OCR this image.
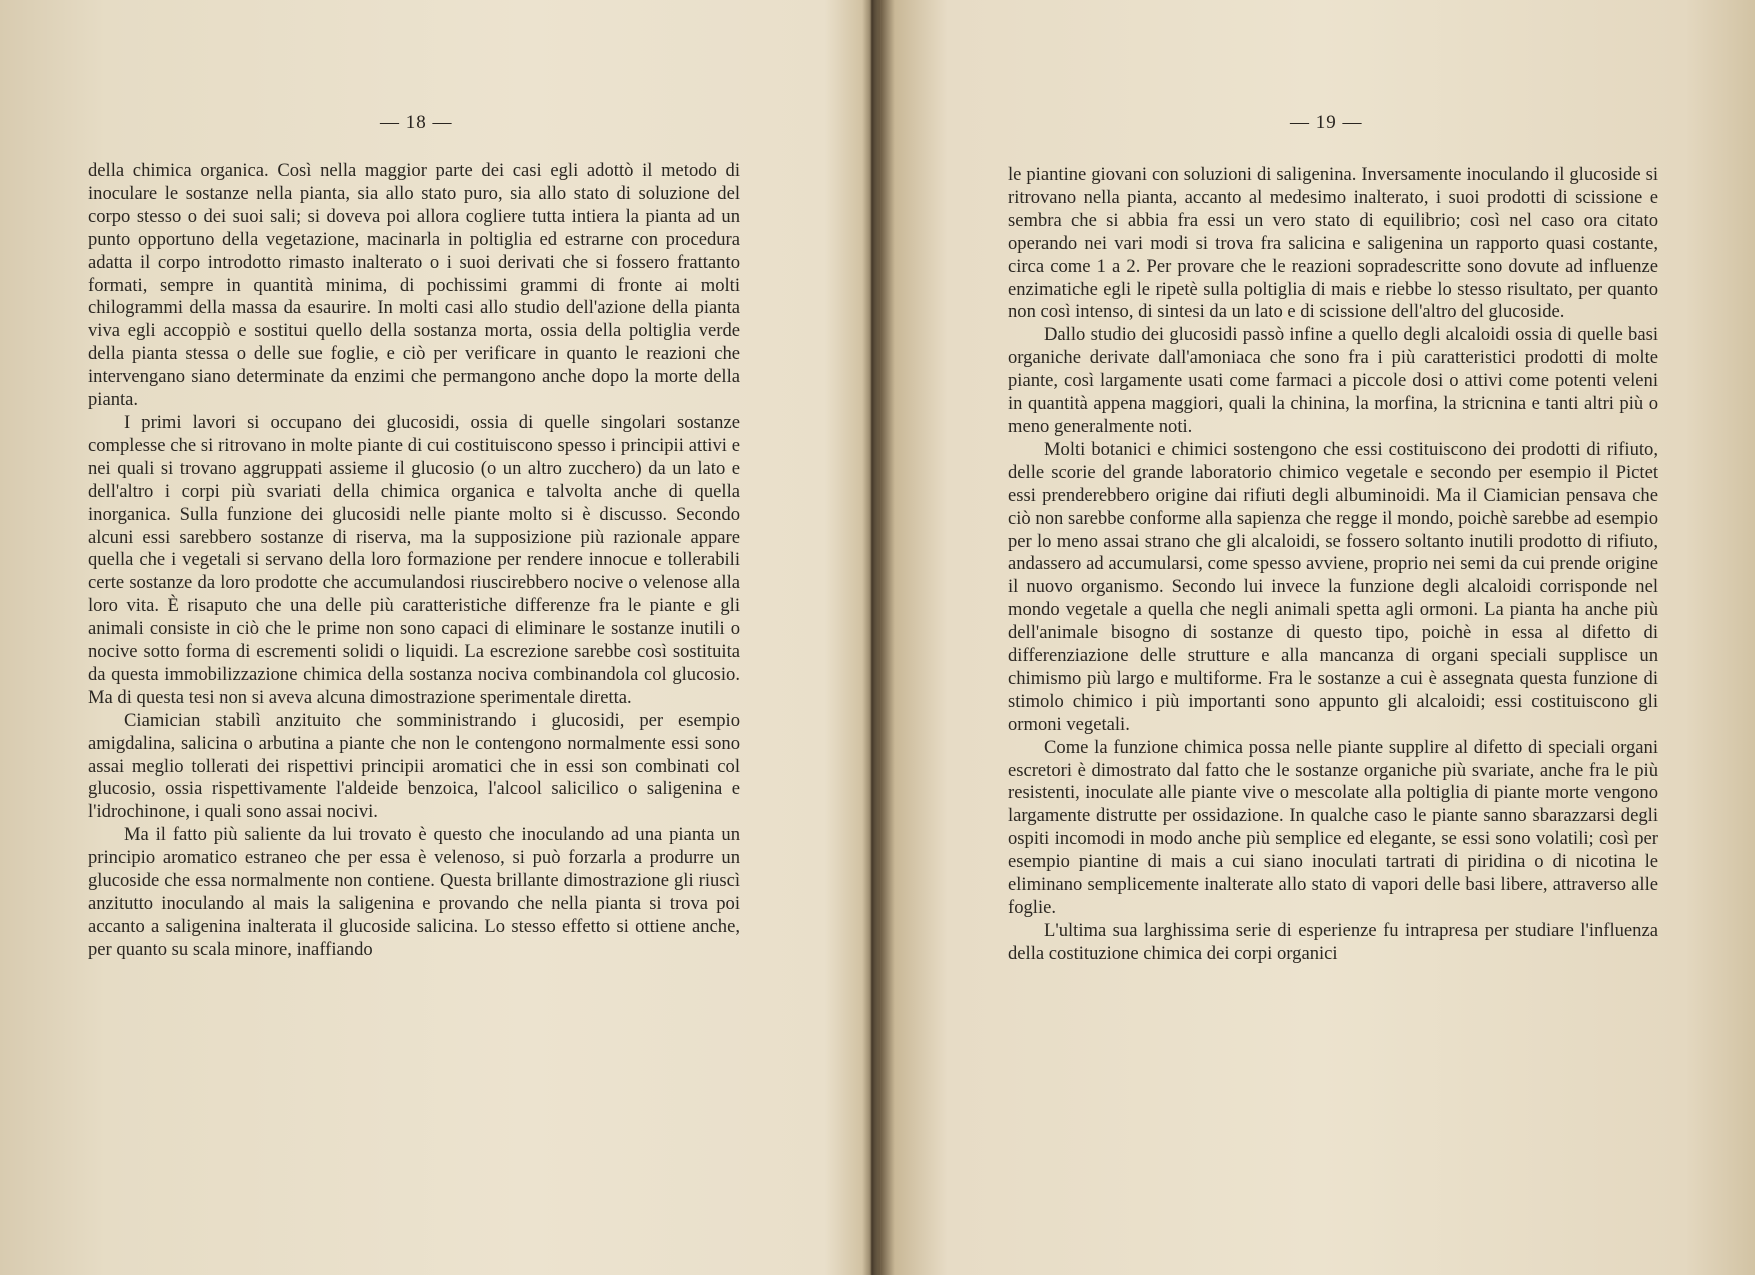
— 18 —

della chimica organica. Così nella maggior parte dei casi egli adottò il metodo di inoculare le sostanze nella pianta, sia allo stato puro, sia allo stato di soluzione del corpo stesso o dei suoi sali; si doveva poi allora cogliere tutta intiera la pianta ad un punto opportuno della vegetazione, macinarla in poltiglia ed estrarne con procedura adatta il corpo introdotto rimasto inalterato o i suoi derivati che si fossero frattanto formati, sempre in quantità minima, di pochissimi grammi di fronte ai molti chilogrammi della massa da esaurire. In molti casi allo studio dell'azione della pianta viva egli accoppiò e sostitui quello della sostanza morta, ossia della poltiglia verde della pianta stessa o delle sue foglie, e ciò per verificare in quanto le reazioni che intervengano siano determinate da enzimi che permangono anche dopo la morte della pianta.

I primi lavori si occupano dei glucosidi, ossia di quelle singolari sostanze complesse che si ritrovano in molte piante di cui costituiscono spesso i principii attivi e nei quali si trovano aggruppati assieme il glucosio (o un altro zucchero) da un lato e dell'altro i corpi più svariati della chimica organica e talvolta anche di quella inorganica. Sulla funzione dei glucosidi nelle piante molto si è discusso. Secondo alcuni essi sarebbero sostanze di riserva, ma la supposizione più razionale appare quella che i vegetali si servano della loro formazione per rendere innocue e tollerabili certe sostanze da loro prodotte che accumulandosi riuscirebbero nocive o velenose alla loro vita. È risaputo che una delle più caratteristiche differenze fra le piante e gli animali consiste in ciò che le prime non sono capaci di eliminare le sostanze inutili o nocive sotto forma di escrementi solidi o liquidi. La escrezione sarebbe così sostituita da questa immobilizzazione chimica della sostanza nociva combinandola col glucosio. Ma di questa tesi non si aveva alcuna dimostrazione sperimentale diretta.

Ciamician stabilì anzituito che somministrando i glucosidi, per esempio amigdalina, salicina o arbutina a piante che non le contengono normalmente essi sono assai meglio tollerati dei rispettivi principii aromatici che in essi son combinati col glucosio, ossia rispettivamente l'aldeide benzoica, l'alcool salicilico o saligenina e l'idrochinone, i quali sono assai nocivi.

Ma il fatto più saliente da lui trovato è questo che inoculando ad una pianta un principio aromatico estraneo che per essa è velenoso, si può forzarla a produrre un glucoside che essa normalmente non contiene. Questa brillante dimostrazione gli riuscì anzitutto inoculando al mais la saligenina e provando che nella pianta si trova poi accanto a saligenina inalterata il glucoside salicina. Lo stesso effetto si ottiene anche, per quanto su scala minore, inaffiando

— 19 —

le piantine giovani con soluzioni di saligenina. Inversamente inoculando il glucoside si ritrovano nella pianta, accanto al medesimo inalterato, i suoi prodotti di scissione e sembra che si abbia fra essi un vero stato di equilibrio; così nel caso ora citato operando nei vari modi si trova fra salicina e saligenina un rapporto quasi costante, circa come 1 a 2. Per provare che le reazioni sopradescritte sono dovute ad influenze enzimatiche egli le ripetè sulla poltiglia di mais e riebbe lo stesso risultato, per quanto non così intenso, di sintesi da un lato e di scissione dell'altro del glucoside.

Dallo studio dei glucosidi passò infine a quello degli alcaloidi ossia di quelle basi organiche derivate dall'amoniaca che sono fra i più caratteristici prodotti di molte piante, così largamente usati come farmaci a piccole dosi o attivi come potenti veleni in quantità appena maggiori, quali la chinina, la morfina, la stricnina e tanti altri più o meno generalmente noti.

Molti botanici e chimici sostengono che essi costituiscono dei prodotti di rifiuto, delle scorie del grande laboratorio chimico vegetale e secondo per esempio il Pictet essi prenderebbero origine dai rifiuti degli albuminoidi. Ma il Ciamician pensava che ciò non sarebbe conforme alla sapienza che regge il mondo, poichè sarebbe ad esempio per lo meno assai strano che gli alcaloidi, se fossero soltanto inutili prodotto di rifiuto, andassero ad accumularsi, come spesso avviene, proprio nei semi da cui prende origine il nuovo organismo. Secondo lui invece la funzione degli alcaloidi corrisponde nel mondo vegetale a quella che negli animali spetta agli ormoni. La pianta ha anche più dell'animale bisogno di sostanze di questo tipo, poichè in essa al difetto di differenziazione delle strutture e alla mancanza di organi speciali supplisce un chimismo più largo e multiforme. Fra le sostanze a cui è assegnata questa funzione di stimolo chimico i più importanti sono appunto gli alcaloidi; essi costituiscono gli ormoni vegetali.

Come la funzione chimica possa nelle piante supplire al difetto di speciali organi escretori è dimostrato dal fatto che le sostanze organiche più svariate, anche fra le più resistenti, inoculate alle piante vive o mescolate alla poltiglia di piante morte vengono largamente distrutte per ossidazione. In qualche caso le piante sanno sbarazzarsi degli ospiti incomodi in modo anche più semplice ed elegante, se essi sono volatili; così per esempio piantine di mais a cui siano inoculati tartrati di piridina o di nicotina le eliminano semplicemente inalterate allo stato di vapori delle basi libere, attraverso alle foglie.

L'ultima sua larghissima serie di esperienze fu intrapresa per studiare l'influenza della costituzione chimica dei corpi organici
